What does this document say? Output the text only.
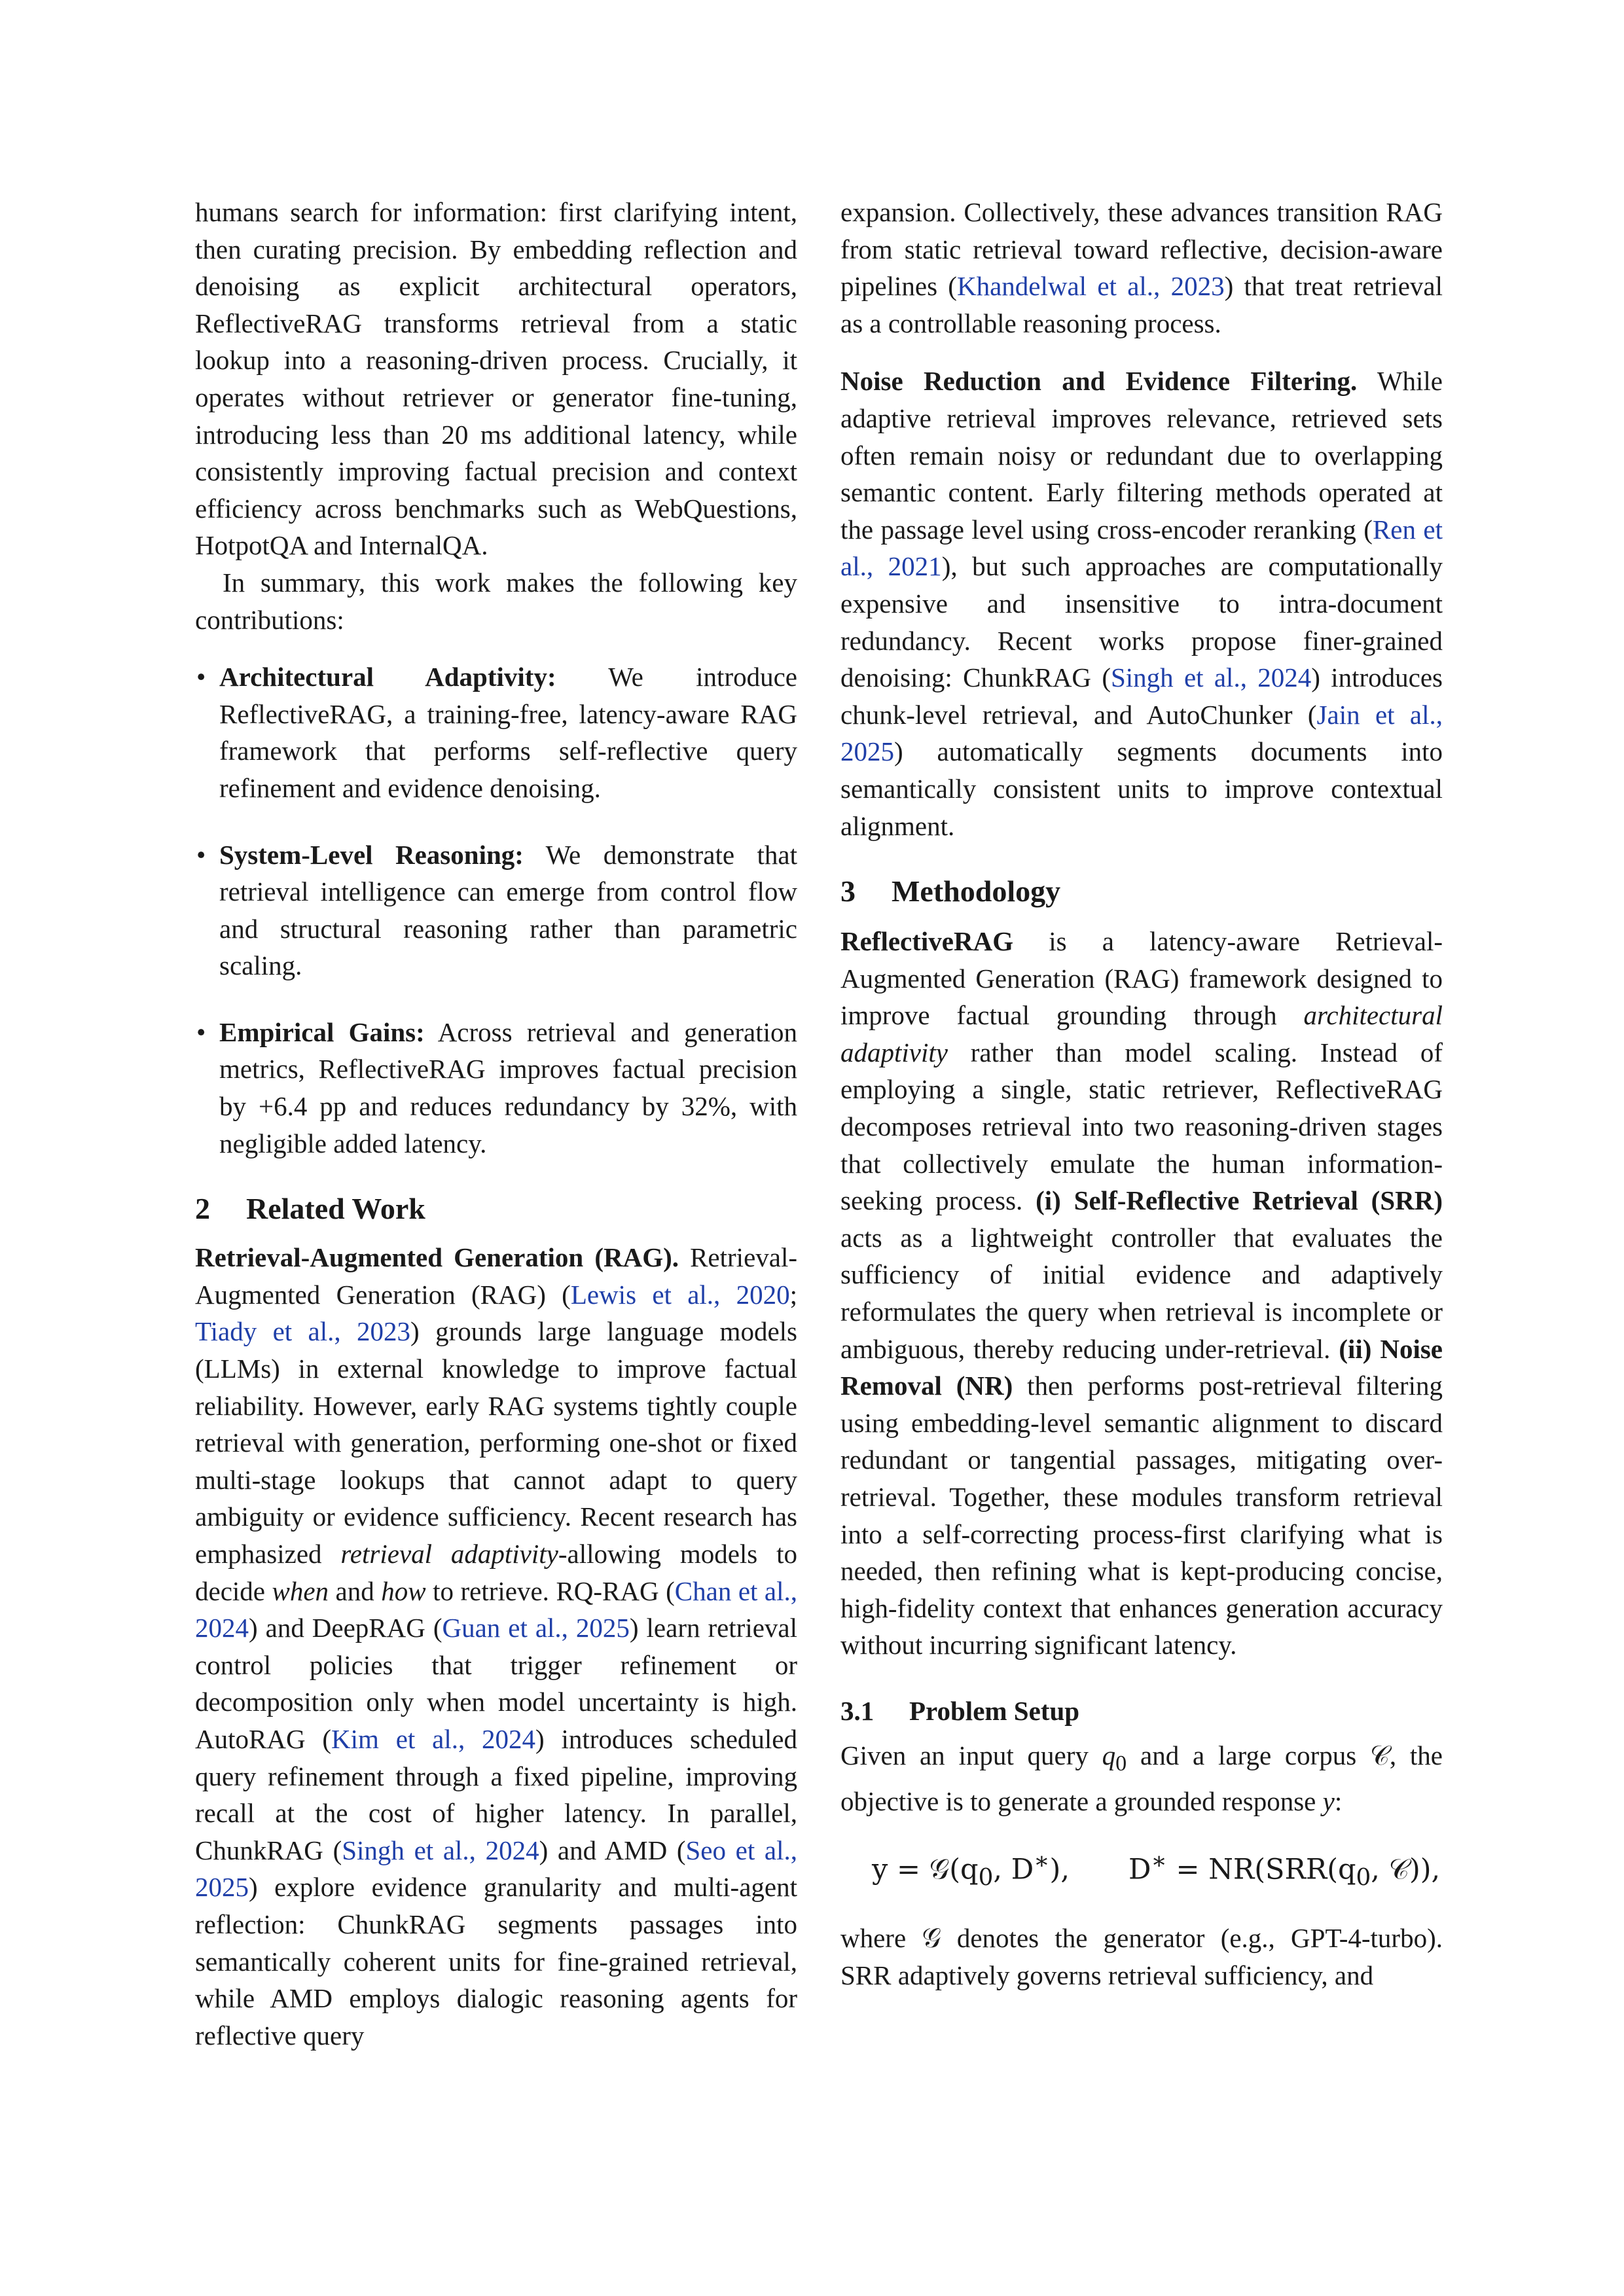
humans search for information: first clarifying intent, then curating precision. By embedding reflection and denoising as explicit architectural operators, ReflectiveRAG transforms retrieval from a static lookup into a reasoning-driven process. Crucially, it operates without retriever or generator fine-tuning, introducing less than 20 ms additional latency, while consistently improving factual precision and context efficiency across benchmarks such as WebQuestions, HotpotQA and InternalQA.

In summary, this work makes the following key contributions:

• Architectural Adaptivity: We introduce ReflectiveRAG, a training-free, latency-aware RAG framework that performs self-reflective query refinement and evidence denoising.

• System-Level Reasoning: We demonstrate that retrieval intelligence can emerge from control flow and structural reasoning rather than parametric scaling.

• Empirical Gains: Across retrieval and generation metrics, ReflectiveRAG improves factual precision by +6.4 pp and reduces redundancy by 32%, with negligible added latency.

2 Related Work

Retrieval-Augmented Generation (RAG). Retrieval-Augmented Generation (RAG) (Lewis et al., 2020; Tiady et al., 2023) grounds large language models (LLMs) in external knowledge to improve factual reliability. However, early RAG systems tightly couple retrieval with generation, performing one-shot or fixed multi-stage lookups that cannot adapt to query ambiguity or evidence sufficiency. Recent research has emphasized retrieval adaptivity-allowing models to decide when and how to retrieve. RQ-RAG (Chan et al., 2024) and DeepRAG (Guan et al., 2025) learn retrieval control policies that trigger refinement or decomposition only when model uncertainty is high. AutoRAG (Kim et al., 2024) introduces scheduled query refinement through a fixed pipeline, improving recall at the cost of higher latency. In parallel, ChunkRAG (Singh et al., 2024) and AMD (Seo et al., 2025) explore evidence granularity and multi-agent reflection: ChunkRAG segments passages into semantically coherent units for fine-grained retrieval, while AMD employs dialogic reasoning agents for reflective query

expansion. Collectively, these advances transition RAG from static retrieval toward reflective, decision-aware pipelines (Khandelwal et al., 2023) that treat retrieval as a controllable reasoning process.

Noise Reduction and Evidence Filtering. While adaptive retrieval improves relevance, retrieved sets often remain noisy or redundant due to overlapping semantic content. Early filtering methods operated at the passage level using cross-encoder reranking (Ren et al., 2021), but such approaches are computationally expensive and insensitive to intra-document redundancy. Recent works propose finer-grained denoising: ChunkRAG (Singh et al., 2024) introduces chunk-level retrieval, and AutoChunker (Jain et al., 2025) automatically segments documents into semantically consistent units to improve contextual alignment.

3 Methodology

ReflectiveRAG is a latency-aware Retrieval-Augmented Generation (RAG) framework designed to improve factual grounding through architectural adaptivity rather than model scaling. Instead of employing a single, static retriever, ReflectiveRAG decomposes retrieval into two reasoning-driven stages that collectively emulate the human information-seeking process. (i) Self-Reflective Retrieval (SRR) acts as a lightweight controller that evaluates the sufficiency of initial evidence and adaptively reformulates the query when retrieval is incomplete or ambiguous, thereby reducing under-retrieval. (ii) Noise Removal (NR) then performs post-retrieval filtering using embedding-level semantic alignment to discard redundant or tangential passages, mitigating over-retrieval. Together, these modules transform retrieval into a self-correcting process-first clarifying what is needed, then refining what is kept-producing concise, high-fidelity context that enhances generation accuracy without incurring significant latency.

3.1 Problem Setup

Given an input query $q_0$ and a large corpus 𝒞, the objective is to generate a grounded response y:

$y = 𝒢(q_0$, D∗), $D^∗ = NR(SRR(q_0$, 𝒞)),

where 𝒢 denotes the generator (e.g., GPT-4-turbo). SRR adaptively governs retrieval sufficiency, and
